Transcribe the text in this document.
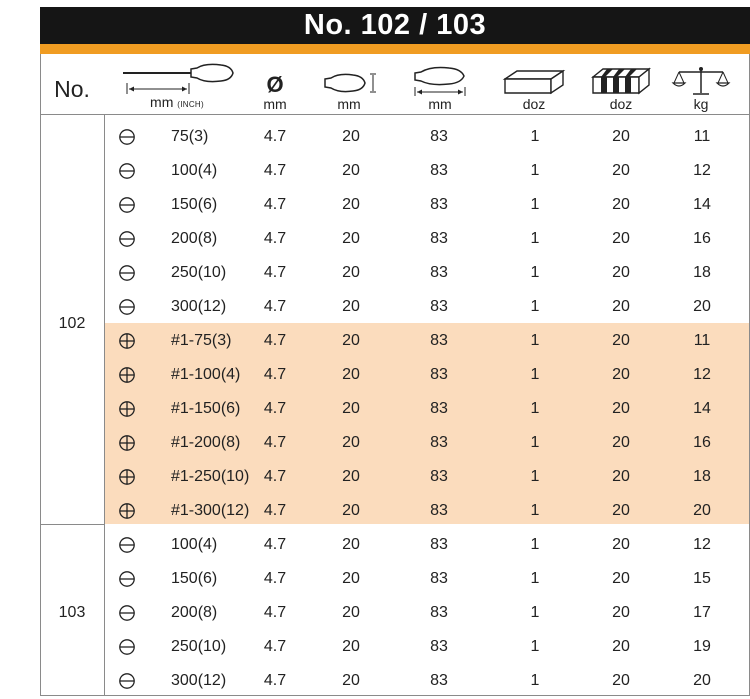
No. 102 / 103
No.
mm (INCH)
Ø
mm	mm	mm	doz	doz	kg
75(3)	4.7	20	83	1	20	11
100(4)	4.7	20	83	1	20	12
150(6)	4.7	20	83	1	20	14
200(8)	4.7	20	83	1	20	16
250(10)	4.7	20	83	1	20	18
300(12)	4.7	20	83	1	20	20
#1-75(3)	4.7	20	83	1	20	11
#1-100(4)	4.7	20	83	1	20	12
#1-150(6)	4.7	20	83	1	20	14
#1-200(8)	4.7	20	83	1	20	16
#1-250(10) 4.7	20	83	1	20	18
#1-300(12) 4.7	20	83	1	20	20
102
100(4)	4.7	20	83	1	20	12
150(6)	4.7	20	83	1	20	15
200(8)	4.7	20	83	1	20	17
250(10)	4.7	20	83	1	20	19
300(12)	4.7	20	83	1	20	20
103
